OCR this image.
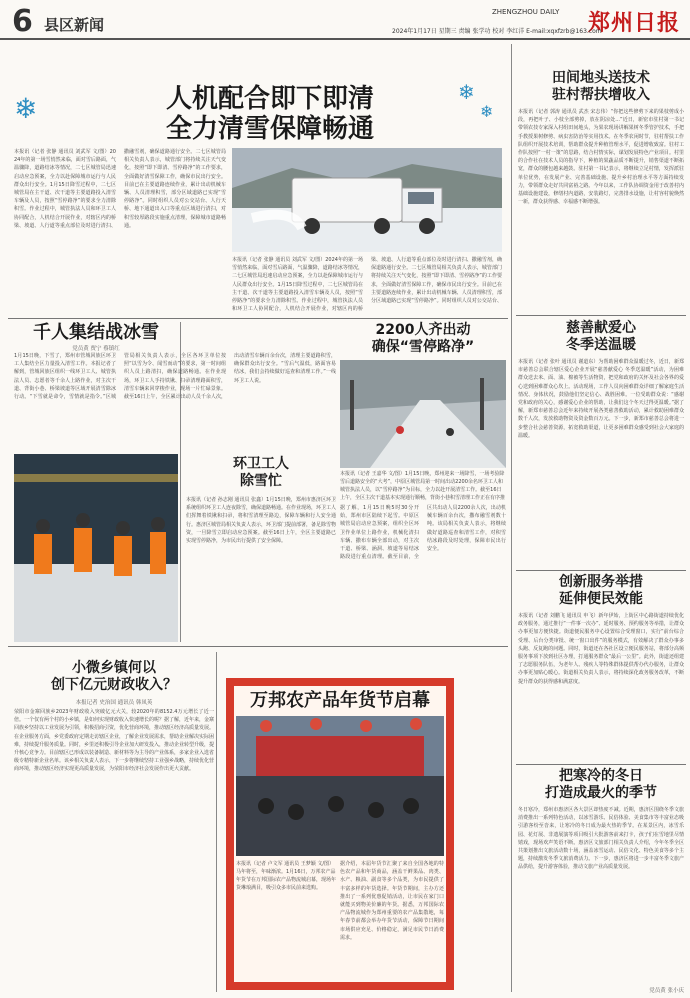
6 县区新闻
ZHENGZHOU DAILY 郑州日报
2024年1月17日 星期三 责编 张学功 校对 李红洋 E-mail:xqxfzrb@163.com
❄	❄
❄
人机配合即下即清
全力清雪保障畅通
本报讯（记者 张静 通讯员 刘武军 文/图）2024年的第一场雪悄然来临，面对雪后路面，气温骤降，道路结冰等情况，二七区城管局迅速启动应急预案，全力以赴保障城市运行与人民群众出行安全。1月15日降雪过程中，二七区城管局在主干道、次干道等主要道路投入清雪车辆及人员，按照“雪停路净”的要求全力清除积雪。作业过程中，城管执法人员和环卫工人协同配合，人机结合开展作业，对辖区内的桥梁、坡道、人行道等重点部位及时进行清扫、撒融雪剂，确保道路通行安全。二七区城管局相关负责人表示，城管部门将持续关注天气变化，按照“即下即清、雪停路净”的工作要求，全面做好清雪保障工作，确保市民出行安全。目前已在主要道路连续作业，累计出动机械车辆、人员清理积雪，部分区域道路已实现“雪停路净”。同时组织人员对公交站台、人行天桥、地下通道出入口等重点区域进行清扫，对积雪较厚路段实施重点清理，保障城市道路畅通。
本报讯（记者 张静 通讯员 刘武军 文/图）2024年的第一场雪悄然来临，面对雪后路面，气温骤降，道路结冰等情况，二七区城管局迅速启动应急预案，全力以赴保障城市运行与人民群众出行安全。1月15日降雪过程中，二七区城管局在主干道、次干道等主要道路投入清雪车辆及人员，按照“雪停路净”的要求全力清除积雪。作业过程中，城管执法人员和环卫工人协同配合，人机结合开展作业，对辖区内的桥梁、坡道、人行道等重点部位及时进行清扫、撒融雪剂，确保道路通行安全。二七区城管局相关负责人表示，城管部门将持续关注天气变化，按照“即下即清、雪停路净”的工作要求，全面做好清雪保障工作，确保市民出行安全。目前已在主要道路连续作业，累计出动机械车辆、人员清理积雪，部分区域道路已实现“雪停路净”。同时组织人员对公交站台、
田间地头送技术
驻村帮扶增收入
本报讯（记者 郭涛 通讯员 武杰 宋志伟）“你把这些修剪下来的果枝剪成小段，再把叶子、小枝全部剪掉，放在阴凉处...”近日，新密市驻村第一书记带领农技专家深入村组田间地头，为果农现场讲解果树冬季管护技术，手把手教授果树修剪、病虫害防治等实用技术。在冬季农闲时节，驻村帮扶工作队组织开展技术培训，帮助群众提升种植管理水平，促进增收致富。驻村工作队按照“一村一策”的思路，结合村情实际，谋划发展特色产业项目。村里的合作社在技术人员的指导下，种植的果蔬品质不断提升，销售渠道不断拓宽，群众的腰包越来越鼓。驻村第一书记表示，将继续立足村情，发挥派驻单位优势，在发展产业、完善基础设施、提升乡村治理水平等方面持续发力，带领群众走好共同富裕之路。今年以来，工作队协调资金用于改善村内基础设施建设，修缮村内道路，安装路灯，完善排水设施，让村容村貌焕然一新，群众获得感、幸福感不断增强。
千人集结战冰雪
党员黄 贾宁 蔡镇红
1月15日晚，下雪了，郑州市管城回族区环卫工人集结全区力量投入清雪工作。本报记者了解到，管城回族区组织一线环卫工人、城管执法人员、志愿者等千余人上路作业，对主次干道、背街小巷、桥梁坡道等区域开展清雪除冰行动。“下雪就是命令，雪情就是指令。”区城管局相关负责人表示，全区各环卫单位按照“以雪为令、闻雪而动”的要求，第一时间组织人员上路清扫，确保道路畅通。在作业现场，环卫工人手持铁锹、扫帚清理路面积雪，清雪车辆来回穿梭作业，现场一片忙碌景象。截至16日上午，全区累计出动人员千余人次，出动清雪车辆百余台次，清理主要道路积雪，确保群众出行安全。“雪后气温低，路面容易结冰，我们会持续做好巡查和清理工作。”一线环卫工人说。
2200人齐出动
确保“雪停路净”
本报讯（记者 王嘉华 文/图）1月15日晚，郑州迎来一场降雪，一场考验降雪后道路安全的“大考”，中原区城管局第一时间出动2200余名环卫工人和城管执法人员，以“雪停路净”为目标，全力以赴开展清雪工作。截至16日上午，全区主次干道基本实现通行顺畅，背街小巷积雪清理工作正在有序推
据了解，1月15日晚5时30分开始，郑州市区陆续下起雪。中原区城管局启动应急预案，组织全区环卫作业单位上路作业，机械化清扫车辆、撒布车辆全部出动，对主次干道、桥梁、涵洞、坡道等易结冰路段进行重点清理。截至目前，全区共出动人员2200余人次，出动机械车辆百余台次，撒布融雪剂数十吨。该局相关负责人表示，将继续做好道路巡查和清雪工作，对积雪结冰路段及时处理，保障市民出行安全。
环卫工人
除雪忙
本报讯（记者 孙志刚 通讯员 张鑫）1月15日晚，郑州市惠济区环卫系统组织环卫工人连夜除雪，确保道路畅通。在作业现场，环卫工人们挥舞着铁锹和扫帚，将积雪清理至路边，保障车辆和行人安全通行。惠济区城管局相关负责人表示，环卫部门提前部署，备足除雪物资，一旦降雪立即启动应急预案。截至16日上午，全区主要道路已实现雪停路净，为市民出行提供了安全保障。
慈善献爱心
冬季送温暖
本报讯（记者 张叶 通讯员 谢道东）为帮助困难群众温暖过冬，近日，新郑市慈善总会联合辖区爱心企业开展“慈善献爱心 冬季送温暖”活动，为困难群众送去米、面、油、棉被等生活物资，把党和政府的关怀及社会各界的爱心送到困难群众心坎上。活动现场，工作人员向困难群众详细了解家庭生活情况、身体状况，鼓励他们坚定信心、战胜困难。一位受助群众说：“感谢党和政府的关心，感谢爱心企业的帮助，让我们这个冬天过得更温暖。”据了解，新郑市慈善总会近年来持续开展各类慈善救助活动，累计救助困难群众数千人次，发放救助物资及资金数百万元。下一步，新郑市慈善总会将进一步整合社会慈善资源，拓宽救助渠道，让更多困难群众感受到社会大家庭的温暖。
创新服务举措
延伸便民效能
本报讯（记者 刘鹏飞 通讯员 申飞）新年伊始，上街区中心路街道持续优化政务服务，通过推行“一件事一次办”、延时服务、预约服务等举措，让群众办事更加方便快捷。街道便民服务中心设置综合受理窗口，实行“前台综合受理、后台分类审批、统一窗口出件”的服务模式，有效解决了群众办事多头跑、反复跑的问题。同时，街道还在各社区设立便民服务站，将部分高频服务事项下放到社区办理，打通服务群众“最后一公里”。此外，街道还组建了志愿服务队伍，为老年人、残疾人等特殊群体提供帮办代办服务，让群众办事更加贴心暖心。街道相关负责人表示，将持续深化政务服务改革，不断提升群众的获得感和满意度。
小微乡镇何以
创下亿元财政收入？
本报记者 史治国 通讯员 韩凤英
荥阳市金寨回族乡2023年财政收入突破亿元大关，较2020年的8152.4万元增长了近一倍。一个仅有两个村的小乡镇，是如何实现财政收入快速增长的呢？据了解，近年来，金寨回族乡坚持以工业发展为引领，积极招商引资，优化营商环境，推动辖区经济高质量发展。在企业服务方面，乡党委政府定期走访辖区企业，了解企业发展需求，帮助企业解决实际困难，持续提升服务质量。同时，乡里还积极引导企业加大研发投入，推动企业转型升级，提升核心竞争力。目前辖区已形成以装备制造、新材料等为主导的产业体系，多家企业入选省级专精特新企业名单。该乡相关负责人表示，下一步将继续坚持工业强乡战略，持续优化营商环境，推动辖区经济实现更高质量发展，为荥阳市经济社会发展作出更大贡献。
万邦农产品年货节启幕
本报讯（记者 卢文军 通讯员 王梦颖 文/图）马年将至，年味渐浓。1月16日，万邦农产品年货节在万邦国际农产品物流城启幕，现场年货琳琅满目，吸引众多市民前来选购。
据介绍，本届年货节汇聚了来自全国各地的特色农产品和年货商品，涵盖干鲜果品、肉类、水产、粮油、副食等多个品类，为市民提供了丰富多样的年货选择。年货节期间，主办方还推出了一系列优惠促销活动，让市民在家门口就能买到物美价廉的年货。据悉，万邦国际农产品物流城作为郑州重要的农产品集散地，每年春节前都会举办年货节活动，保障节日期间市场供应充足、价格稳定，满足市民节日消费需求。
把寒冷的冬日
打造成最火的季节
冬日寒冷，郑州市惠济区各大景区却热度不减。近期，惠济区围绕冬季文旅消费推出一系列特色活动，以冰雪游乐、民俗体验、美食集市等丰富业态吸引游客纷至沓来，让寒冷的冬日成为最火热的季节。在某景区内，冰雪乐园、花灯展、非遗展演等项目吸引大批游客前来打卡，孩子们在雪地里尽情嬉戏，现场欢声笑语不断。惠济区文旅部门相关负责人介绍，今年冬季全区共策划推出文旅活动数十场，涵盖冰雪运动、民俗文化、特色美食等多个主题，持续激发冬季文旅消费活力。下一步，惠济区将进一步丰富冬季文旅产品供给，提升游客体验，推动文旅产业高质量发展。
党员黄 张小庆
